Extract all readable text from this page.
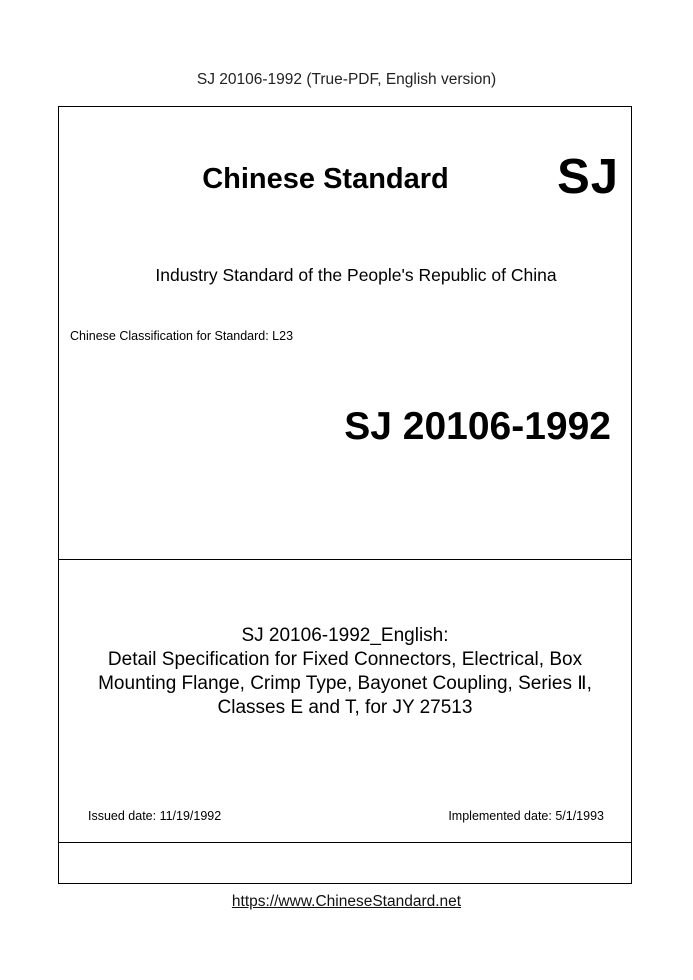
SJ 20106-1992 (True-PDF, English version)
Chinese Standard	SJ
Industry Standard of the People's Republic of China
Chinese Classification for Standard: L23
SJ 20106-1992
SJ 20106-1992_English:
Detail Specification for Fixed Connectors, Electrical, Box
Mounting Flange, Crimp Type, Bayonet Coupling, Series Ⅱ,
Classes E and T, for JY 27513
Issued date: 11/19/1992	Implemented date: 5/1/1993
https://www.ChineseStandard.net
